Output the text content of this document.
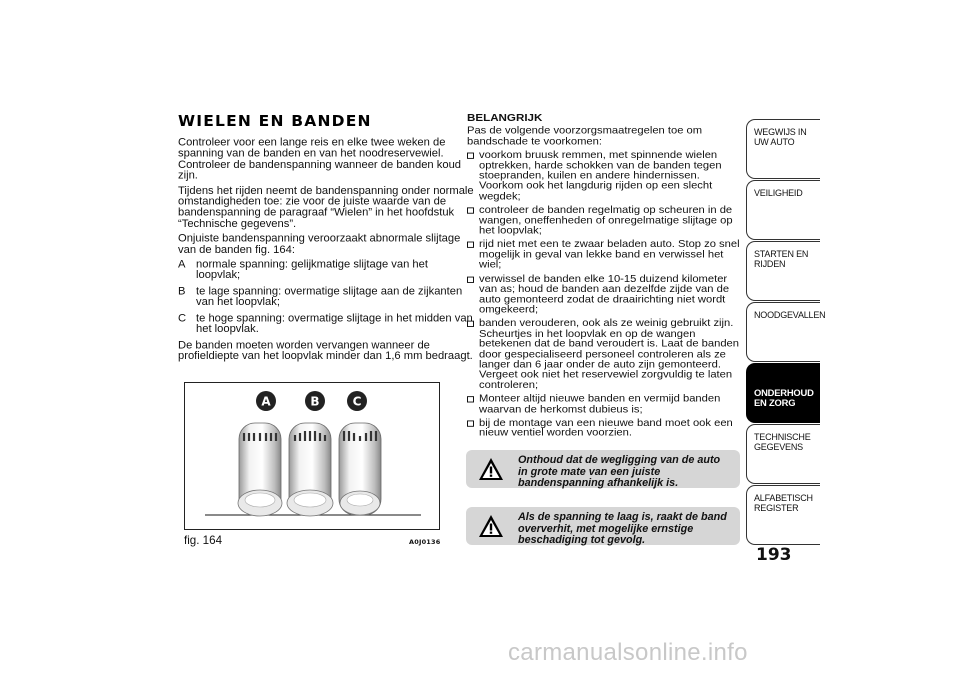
WIELEN EN BANDEN

Controleer voor een lange reis en elke twee weken de spanning van de banden en van het noodreservewiel. Controleer de bandenspanning wanneer de banden koud zijn.

Tijdens het rijden neemt de bandenspanning onder normale omstandigheden toe: zie voor de juiste waarde van de bandenspanning de paragraaf “Wielen” in het hoofdstuk “Technische gegevens”.

Onjuiste bandenspanning veroorzaakt abnormale slijtage van de banden fig. 164:

A normale spanning: gelijkmatige slijtage van het loopvlak;
B te lage spanning: overmatige slijtage aan de zijkanten van het loopvlak;
C te hoge spanning: overmatige slijtage in het midden van het loopvlak.

De banden moeten worden vervangen wanneer de profieldiepte van het loopvlak minder dan 1,6 mm bedraagt.

A	B	C
fig. 164	A0J0136
BELANGRIJK

Pas de volgende voorzorgsmaatregelen toe om bandschade te voorkomen:

voorkom bruusk remmen, met spinnende wielen optrekken, harde schokken van de banden tegen stoepranden, kuilen en andere hindernissen. Voorkom ook het langdurig rijden op een slecht wegdek;
controleer de banden regelmatig op scheuren in de wangen, oneffenheden of onregelmatige slijtage op het loopvlak;
rijd niet met een te zwaar beladen auto. Stop zo snel mogelijk in geval van lekke band en verwissel het wiel;
verwissel de banden elke 10-15 duizend kilometer van as; houd de banden aan dezelfde zijde van de auto gemonteerd zodat de draairichting niet wordt omgekeerd;
banden verouderen, ook als ze weinig gebruikt zijn. Scheurtjes in het loopvlak en op de wangen betekenen dat de band veroudert is. Laat de banden door gespecialiseerd personeel controleren als ze langer dan 6 jaar onder de auto zijn gemonteerd. Vergeet ook niet het reservewiel zorgvuldig te laten controleren;
Monteer altijd nieuwe banden en vermijd banden waarvan de herkomst dubieus is;
bij de montage van een nieuwe band moet ook een nieuw ventiel worden voorzien.
Onthoud dat de wegligging van de auto in grote mate van een juiste bandenspanning afhankelijk is.
Als de spanning te laag is, raakt de band oververhit, met mogelijke ernstige beschadiging tot gevolg.
WEGWIJS IN UW AUTO
VEILIGHEID
STARTEN EN RIJDEN
NOODGEVALLEN
ONDERHOUD EN ZORG
TECHNISCHE GEGEVENS
ALFABETISCH REGISTER
193
carmanualsonline.info
